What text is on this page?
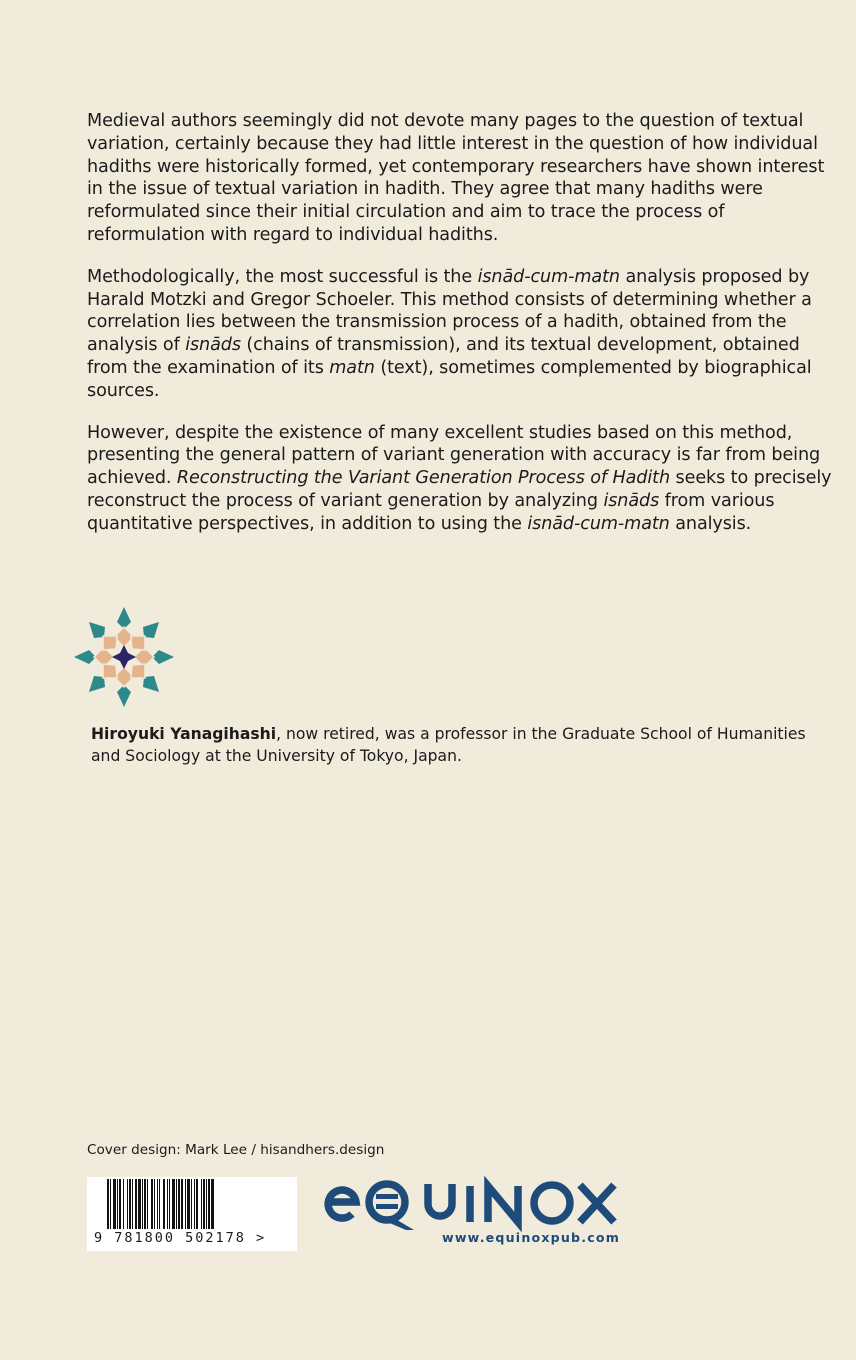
Medieval authors seemingly did not devote many pages to the question of textual variation, certainly because they had little interest in the question of how individual hadiths were historically formed, yet contemporary researchers have shown interest in the issue of textual variation in hadith. They agree that many hadiths were reformulated since their initial circulation and aim to trace the process of reformulation with regard to individual hadiths.

Methodologically, the most successful is the isnād-cum-matn analysis proposed by Harald Motzki and Gregor Schoeler. This method consists of determining whether a correlation lies between the transmission process of a hadith, obtained from the analysis of isnāds (chains of transmission), and its textual development, obtained from the examination of its matn (text), sometimes complemented by biographical sources.

However, despite the existence of many excellent studies based on this method, presenting the general pattern of variant generation with accuracy is far from being achieved. Reconstructing the Variant Generation Process of Hadith seeks to precisely reconstruct the process of variant generation by analyzing isnāds from various quantitative perspectives, in addition to using the isnād-cum-matn analysis.

Hiroyuki Yanagihashi, now retired, was a professor in the Graduate School of Humanities and Sociology at the University of Tokyo, Japan.
Cover design: Mark Lee / hisandhers.design
9 781800 502178 >	www.equinoxpub.com
